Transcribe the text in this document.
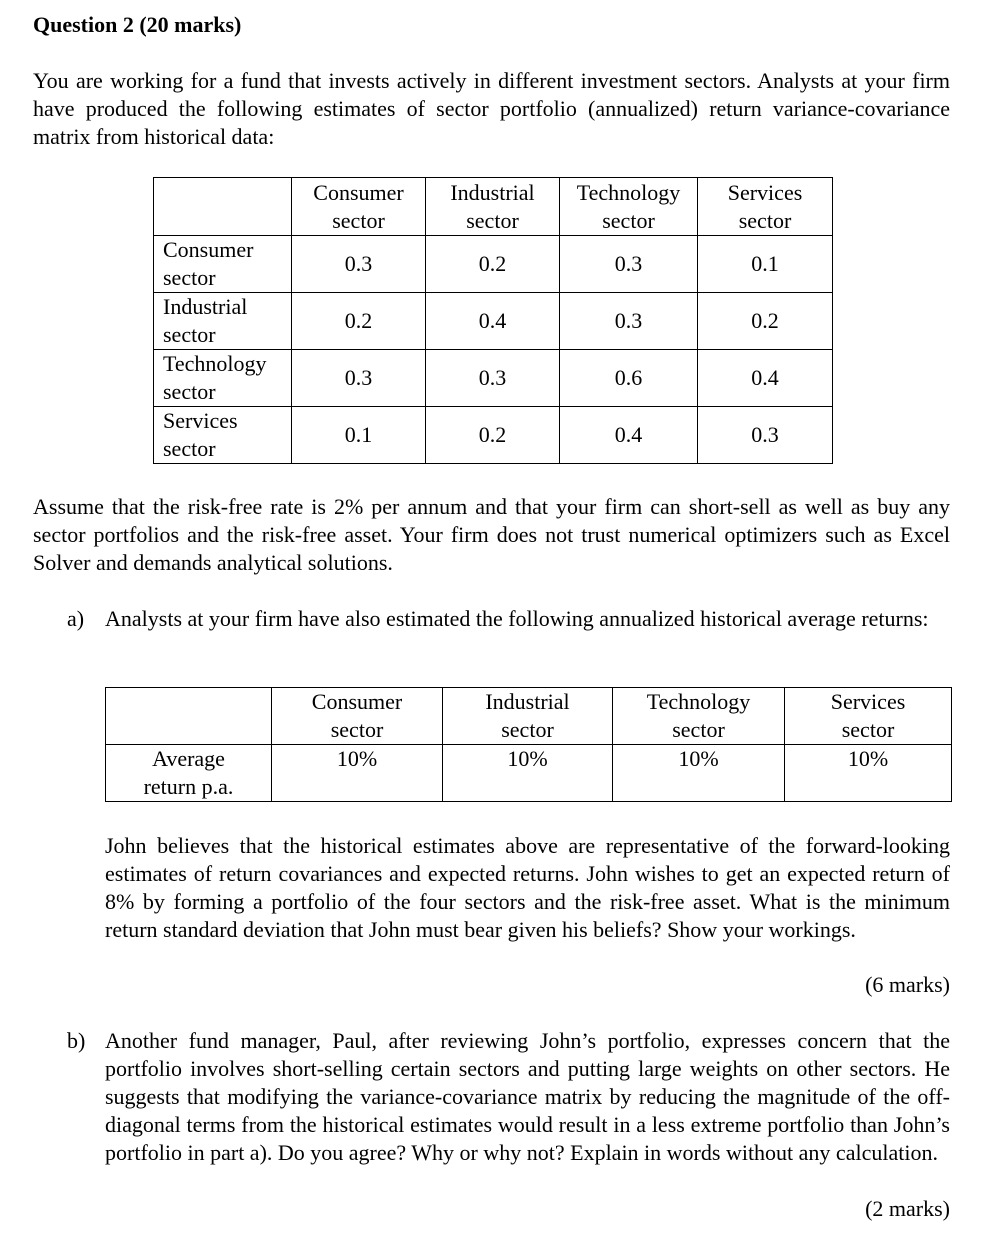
Question 2 (20 marks)
You are working for a fund that invests actively in different investment sectors. Analysts at your firm have produced the following estimates of sector portfolio (annualized) return variance-covariance matrix from historical data:
	Consumer
sector	Industrial
sector	Technology
sector	Services
sector
Consumer
sector	0.3	0.2	0.3	0.1
Industrial
sector	0.2	0.4	0.3	0.2
Technology
sector	0.3	0.3	0.6	0.4
Services
sector	0.1	0.2	0.4	0.3
Assume that the risk-free rate is 2% per annum and that your firm can short-sell as well as buy any sector portfolios and the risk-free asset. Your firm does not trust numerical optimizers such as Excel Solver and demands analytical solutions.
a) Analysts at your firm have also estimated the following annualized historical average returns:
	Consumer
sector	Industrial
sector	Technology
sector	Services
sector
Average
return p.a.	10%	10%	10%	10%
John believes that the historical estimates above are representative of the forward-looking estimates of return covariances and expected returns. John wishes to get an expected return of 8% by forming a portfolio of the four sectors and the risk-free asset. What is the minimum return standard deviation that John must bear given his beliefs? Show your workings.
(6 marks)
b) Another fund manager, Paul, after reviewing John’s portfolio, expresses concern that the portfolio involves short-selling certain sectors and putting large weights on other sectors. He suggests that modifying the variance-covariance matrix by reducing the magnitude of the off-diagonal terms from the historical estimates would result in a less extreme portfolio than John’s portfolio in part a). Do you agree? Why or why not? Explain in words without any calculation.
(2 marks)
